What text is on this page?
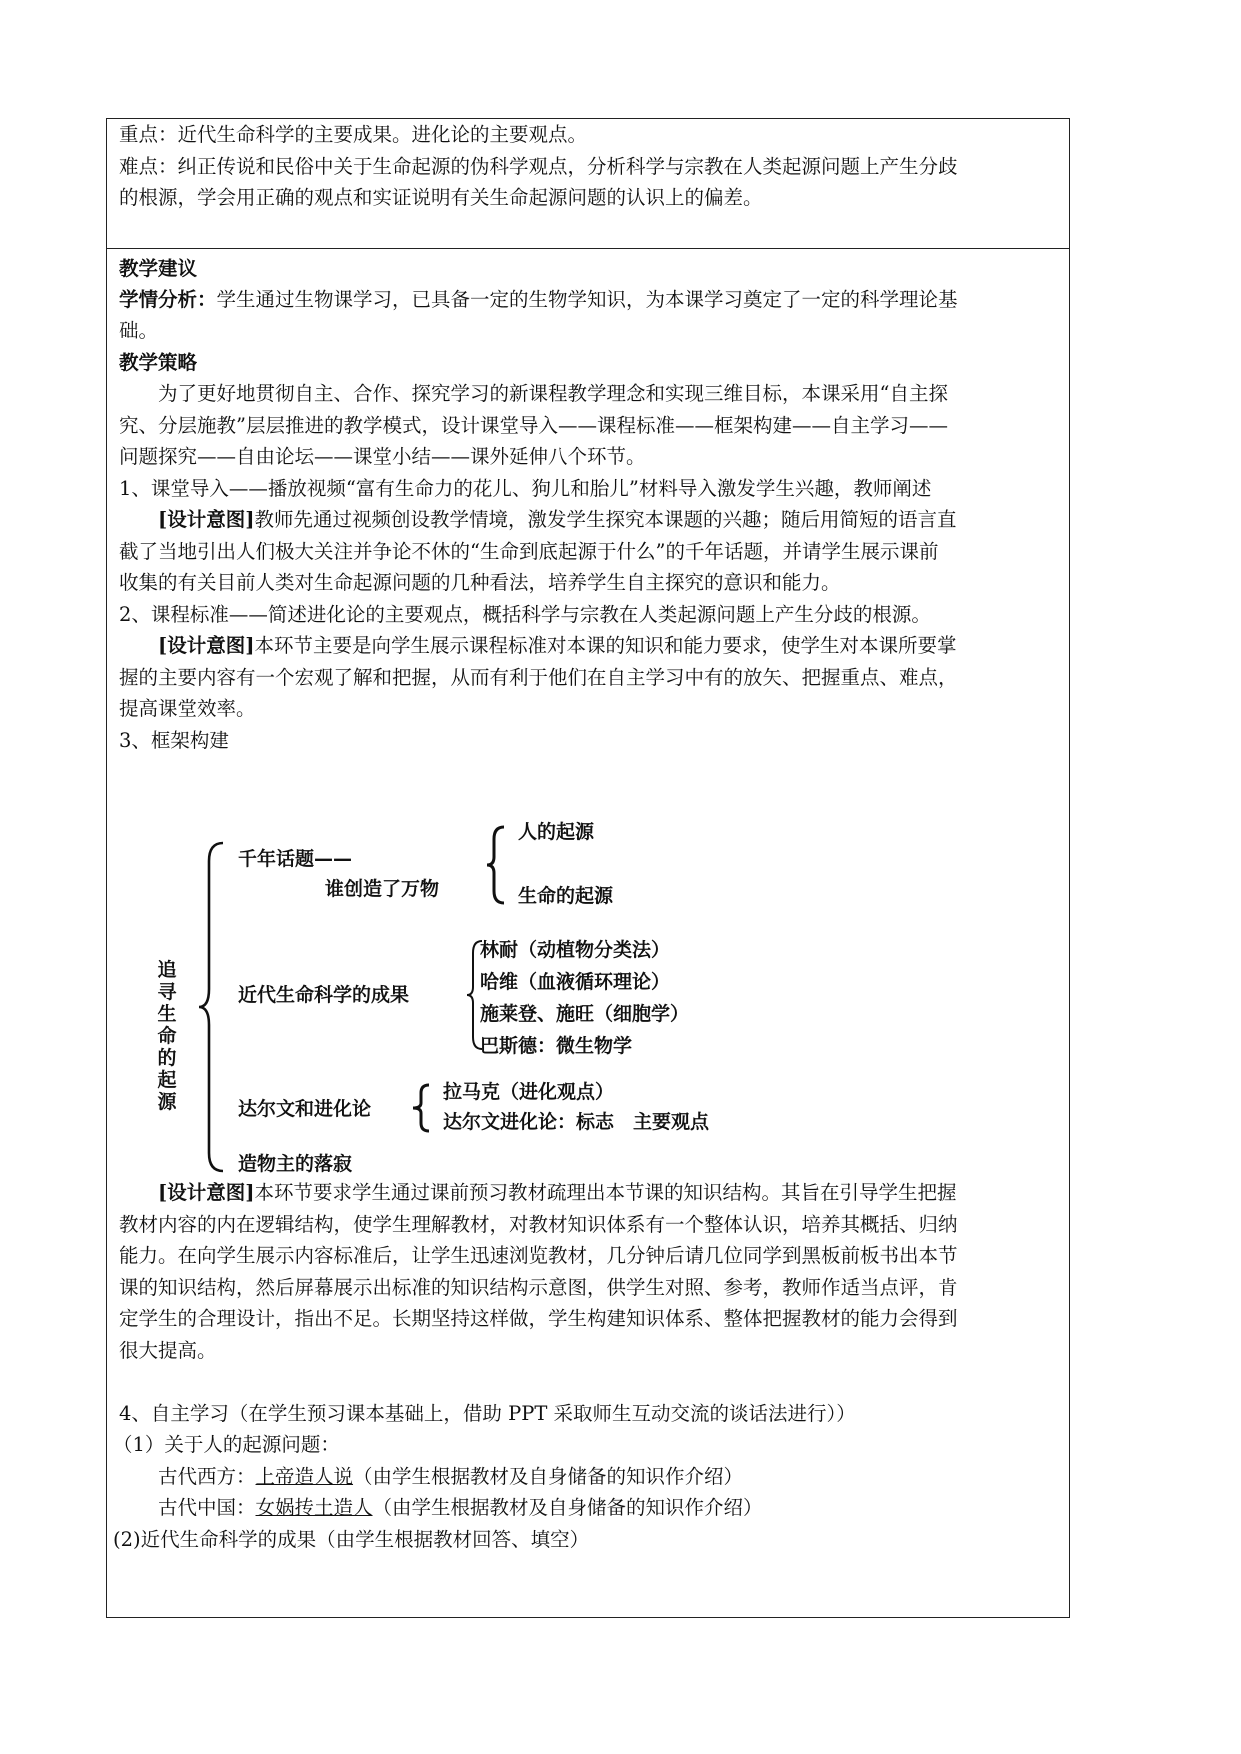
重点：近代生命科学的主要成果。进化论的主要观点。

难点：纠正传说和民俗中关于生命起源的伪科学观点，分析科学与宗教在人类起源问题上产生分歧

的根源，学会用正确的观点和实证说明有关生命起源问题的认识上的偏差。

教学建议

学情分析：学生通过生物课学习，已具备一定的生物学知识，为本课学习奠定了一定的科学理论基

础。

教学策略

为了更好地贯彻自主、合作、探究学习的新课程教学理念和实现三维目标，本课采用“自主探

究、分层施教”层层推进的教学模式，设计课堂导入——课程标准——框架构建——自主学习——

问题探究——自由论坛——课堂小结——课外延伸八个环节。

1、课堂导入——播放视频“富有生命力的花儿、狗儿和胎儿”材料导入激发学生兴趣，教师阐述

[设计意图]教师先通过视频创设教学情境，激发学生探究本课题的兴趣；随后用简短的语言直

截了当地引出人们极大关注并争论不休的“生命到底起源于什么”的千年话题，并请学生展示课前

收集的有关目前人类对生命起源问题的几种看法，培养学生自主探究的意识和能力。

2、课程标准——简述进化论的主要观点，概括科学与宗教在人类起源问题上产生分歧的根源。

[设计意图]本环节主要是向学生展示课程标准对本课的知识和能力要求，使学生对本课所要掌

握的主要内容有一个宏观了解和把握，从而有利于他们在自主学习中有的放矢、把握重点、难点，

提高课堂效率。

3、框架构建

追寻生命的起源
千年话题——
谁创造了万物
人的起源
生命的起源
近代生命科学的成果
林耐（动植物分类法）
哈维（血液循环理论）
施莱登、施旺（细胞学）
巴斯德：微生物学
达尔文和进化论
拉马克（进化观点）
达尔文进化论：标志　主要观点
造物主的落寂

[设计意图]本环节要求学生通过课前预习教材疏理出本节课的知识结构。其旨在引导学生把握

教材内容的内在逻辑结构，使学生理解教材，对教材知识体系有一个整体认识，培养其概括、归纳

能力。在向学生展示内容标准后，让学生迅速浏览教材，几分钟后请几位同学到黑板前板书出本节

课的知识结构，然后屏幕展示出标准的知识结构示意图，供学生对照、参考，教师作适当点评，肯

定学生的合理设计，指出不足。长期坚持这样做，学生构建知识体系、整体把握教材的能力会得到

很大提高。

4、自主学习（在学生预习课本基础上，借助 PPT 采取师生互动交流的谈话法进行））

（1）关于人的起源问题：

古代西方：上帝造人说（由学生根据教材及自身储备的知识作介绍）

古代中国：女娲抟土造人（由学生根据教材及自身储备的知识作介绍）

(2)近代生命科学的成果（由学生根据教材回答、填空）
